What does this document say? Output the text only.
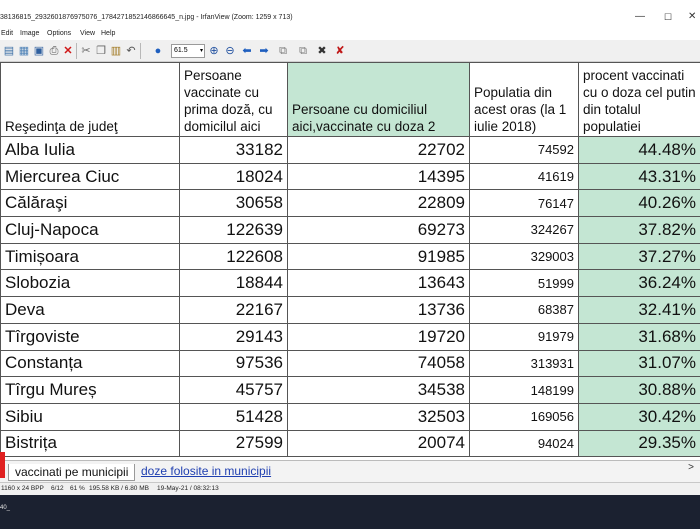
38136815_2932601876975076_1784271852146866645_n.jpg - IrfanView (Zoom: 1259 x 713)	— ☐ ✕
Edit Image Options View Help
▤ ▦ ▣ ⎙ ✕ ✂ ❐ ▥ ↶	●	61.5 ▾ ⊕ ⊖ ⬅ ➡ ⧉ ⧉ ✖ ✘
Reşedinţa de judeţ	Persoane vaccinate cu prima doză, cu domicilul aici	Persoane cu domiciliul aici,vaccinate cu doza 2	Populatia din acest oras (la 1 iulie 2018)	procent vaccinati cu o doza cel putin din totalul populatiei
Alba Iulia	33182	22702	74592	44.48%
Miercurea Ciuc	18024	14395	41619	43.31%
Călăraşi	30658	22809	76147	40.26%
Cluj-Napoca	122639	69273	324267	37.82%
Timișoara	122608	91985	329003	37.27%
Slobozia	18844	13643	51999	36.24%
Deva	22167	13736	68387	32.41%
Tîrgoviste	29143	19720	91979	31.68%
Constanța	97536	74058	313931	31.07%
Tîrgu Mureș	45757	34538	148199	30.88%
Sibiu	51428	32503	169056	30.42%
Bistrița	27599	20074	94024	29.35%
vaccinati pe municipii	doze folosite in municipii	>
1160 x 24 BPP 6/12 61 % 195.58 KB / 6.80 MB 19-May-21 / 08:32:13
40_
